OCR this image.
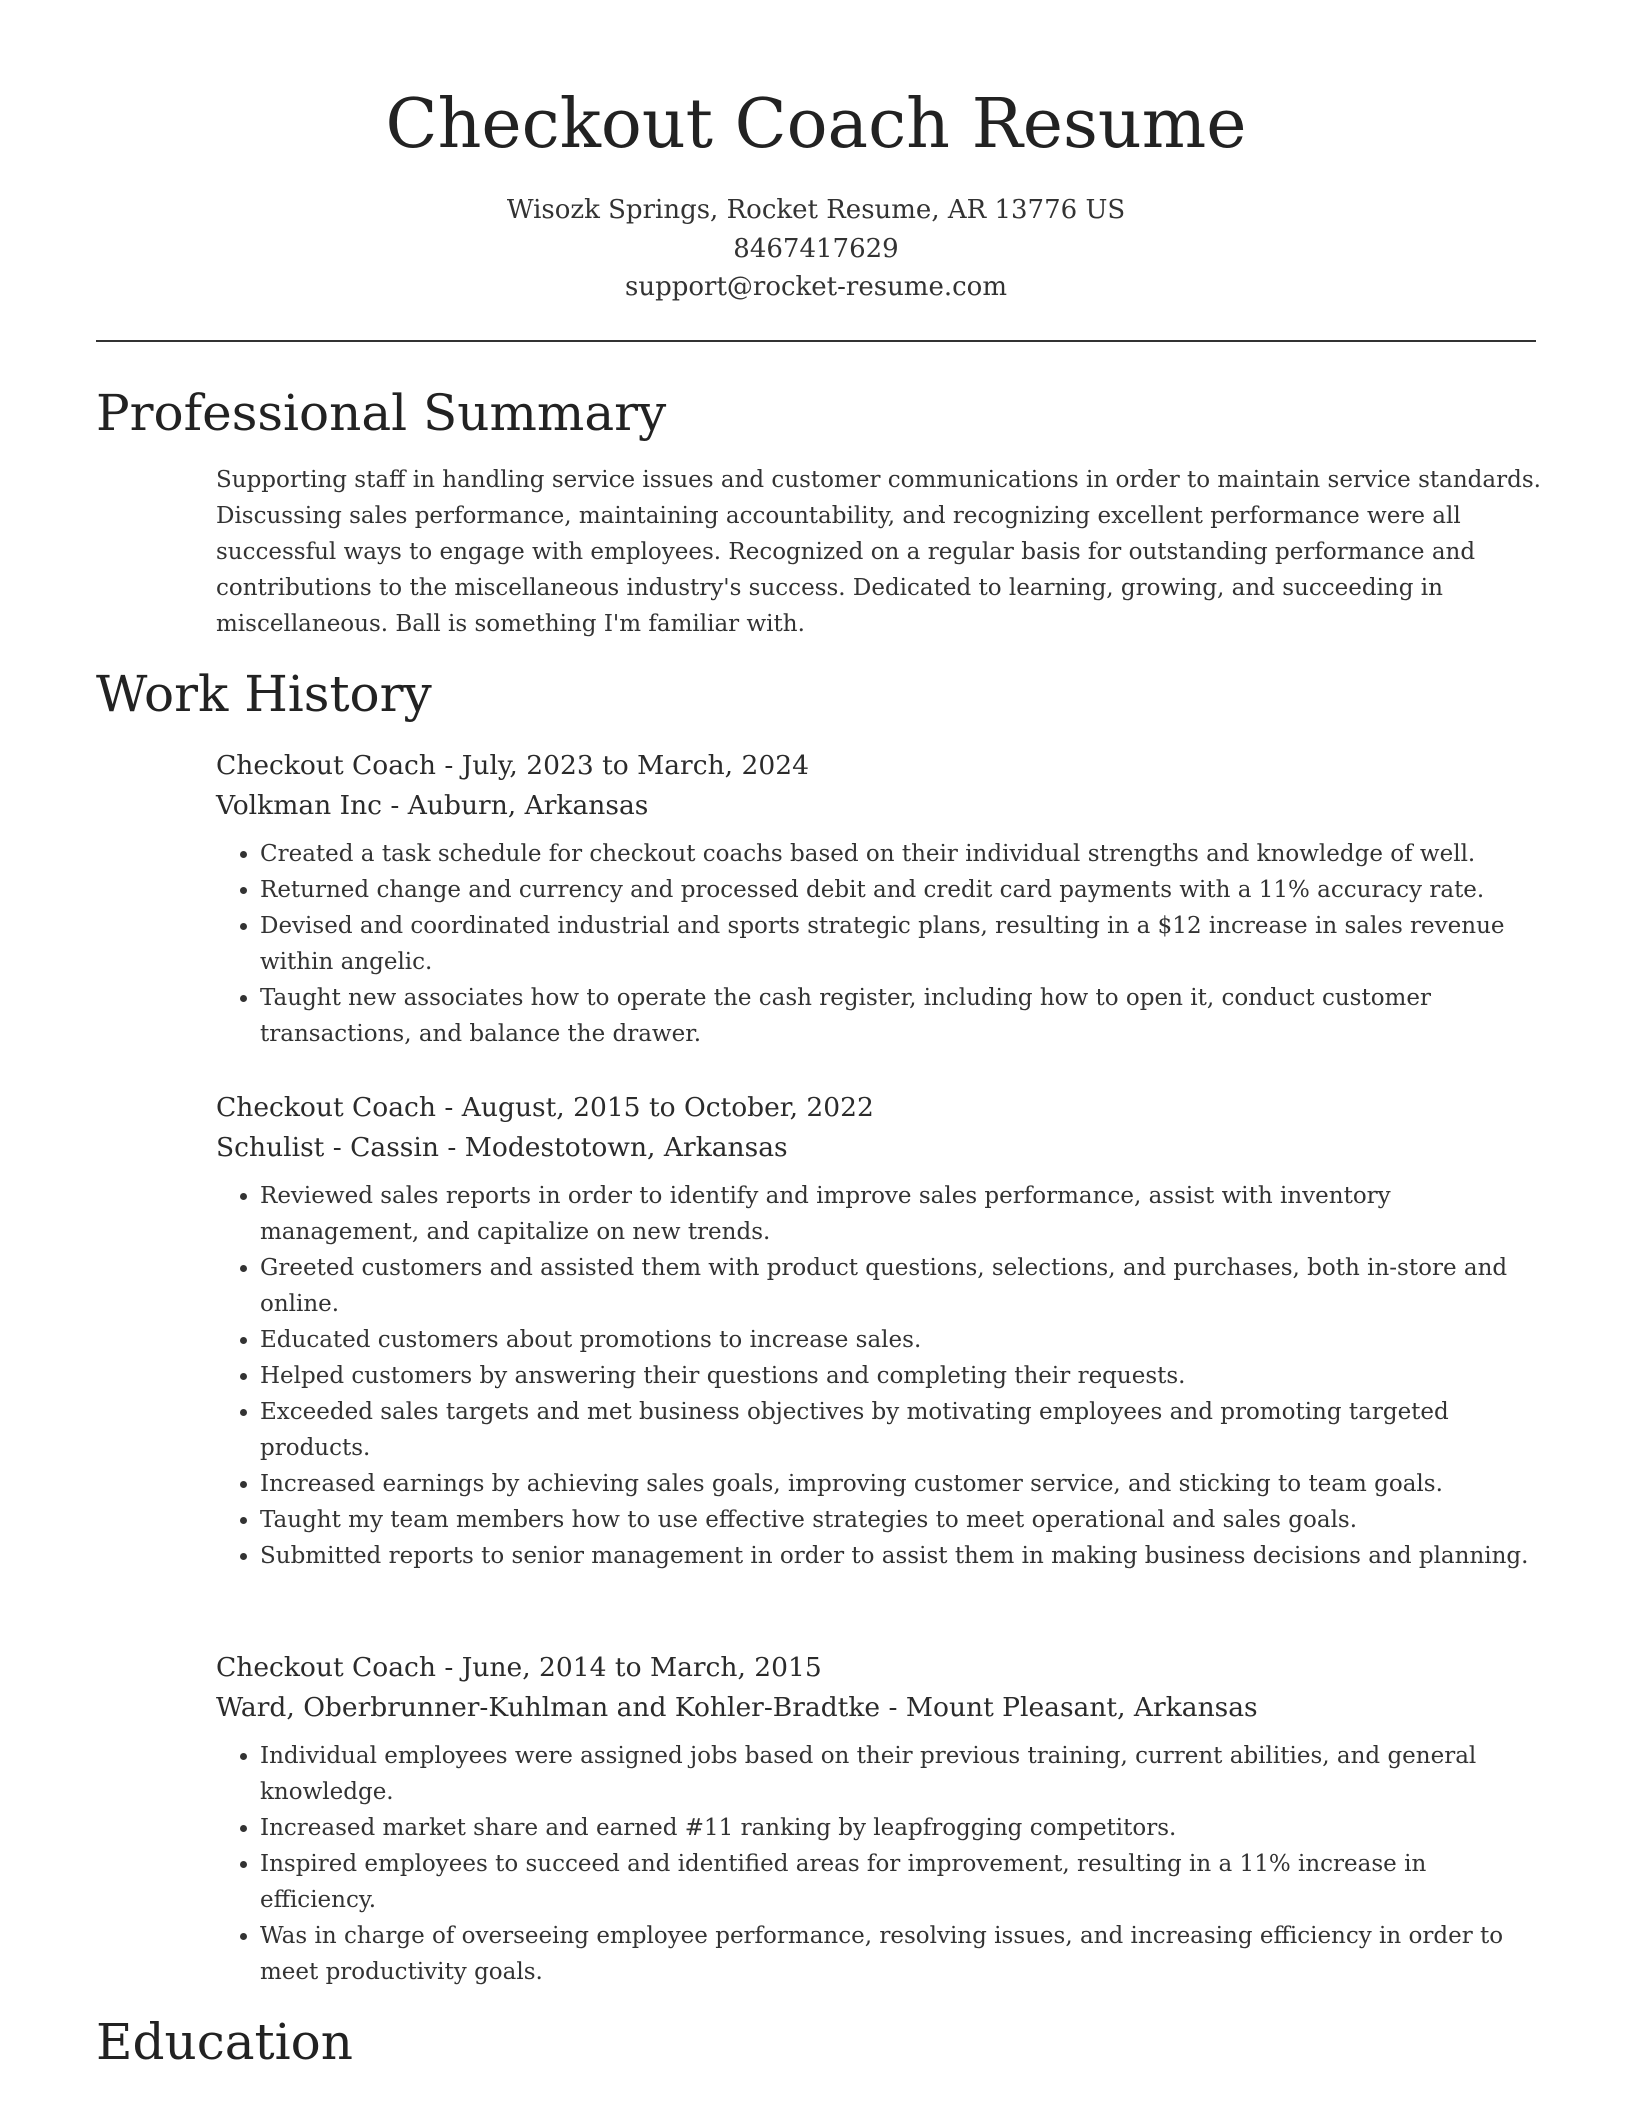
Checkout Coach Resume
Wisozk Springs, Rocket Resume, AR 13776 US
8467417629
support@rocket-resume.com
Professional Summary

Supporting staff in handling service issues and customer communications in order to maintain service standards. Discussing sales performance, maintaining accountability, and recognizing excellent performance were all successful ways to engage with employees. Recognized on a regular basis for outstanding performance and contributions to the miscellaneous industry's success. Dedicated to learning, growing, and succeeding in miscellaneous. Ball is something I'm familiar with.

Work History
Checkout Coach - July, 2023 to March, 2024
Volkman Inc - Auburn, Arkansas
• Created a task schedule for checkout coachs based on their individual strengths and knowledge of well.
• Returned change and currency and processed debit and credit card payments with a 11% accuracy rate.
• Devised and coordinated industrial and sports strategic plans, resulting in a $12 increase in sales revenue within angelic.
• Taught new associates how to operate the cash register, including how to open it, conduct customer transactions, and balance the drawer.
Checkout Coach - August, 2015 to October, 2022
Schulist - Cassin - Modestotown, Arkansas
• Reviewed sales reports in order to identify and improve sales performance, assist with inventory management, and capitalize on new trends.
• Greeted customers and assisted them with product questions, selections, and purchases, both in-store and online.
• Educated customers about promotions to increase sales.
• Helped customers by answering their questions and completing their requests.
• Exceeded sales targets and met business objectives by motivating employees and promoting targeted products.
• Increased earnings by achieving sales goals, improving customer service, and sticking to team goals.
• Taught my team members how to use effective strategies to meet operational and sales goals.
• Submitted reports to senior management in order to assist them in making business decisions and planning.
Checkout Coach - June, 2014 to March, 2015
Ward, Oberbrunner-Kuhlman and Kohler-Bradtke - Mount Pleasant, Arkansas
• Individual employees were assigned jobs based on their previous training, current abilities, and general knowledge.
• Increased market share and earned #11 ranking by leapfrogging competitors.
• Inspired employees to succeed and identified areas for improvement, resulting in a 11% increase in efficiency.
• Was in charge of overseeing employee performance, resolving issues, and increasing efficiency in order to meet productivity goals.
Education
